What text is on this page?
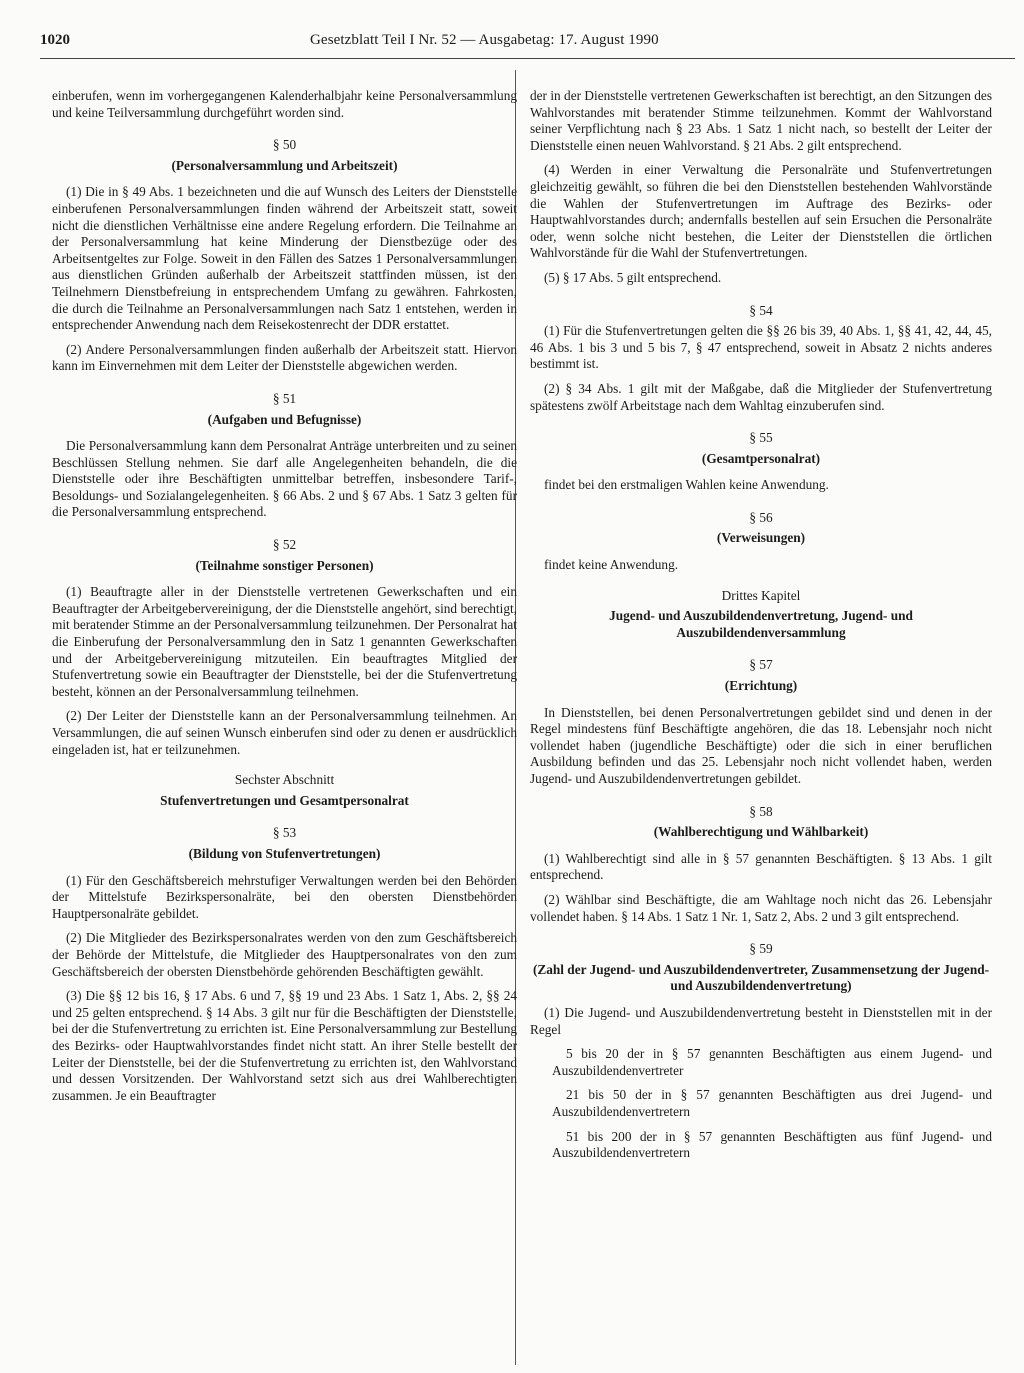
1020	Gesetzblatt Teil I Nr. 52 — Ausgabetag: 17. August 1990

einberufen, wenn im vorhergegangenen Kalenderhalbjahr keine Personalversammlung und keine Teilversammlung durchgeführt worden sind.

§ 50
(Personalversammlung und Arbeitszeit)

(1) Die in § 49 Abs. 1 bezeichneten und die auf Wunsch des Leiters der Dienststelle einberufenen Personalversammlungen finden während der Arbeitszeit statt, soweit nicht die dienstlichen Verhältnisse eine andere Regelung erfordern. Die Teilnahme an der Personalversammlung hat keine Minderung der Dienstbezüge oder des Arbeitsentgeltes zur Folge. Soweit in den Fällen des Satzes 1 Personalversammlungen aus dienstlichen Gründen außerhalb der Arbeitszeit stattfinden müssen, ist den Teilnehmern Dienstbefreiung in entsprechendem Umfang zu gewähren. Fahrkosten, die durch die Teilnahme an Personalversammlungen nach Satz 1 entstehen, werden in entsprechender Anwendung nach dem Reisekostenrecht der DDR erstattet.

(2) Andere Personalversammlungen finden außerhalb der Arbeitszeit statt. Hiervon kann im Einvernehmen mit dem Leiter der Dienststelle abgewichen werden.

§ 51
(Aufgaben und Befugnisse)

Die Personalversammlung kann dem Personalrat Anträge unterbreiten und zu seinen Beschlüssen Stellung nehmen. Sie darf alle Angelegenheiten behandeln, die die Dienststelle oder ihre Beschäftigten unmittelbar betreffen, insbesondere Tarif-, Besoldungs- und Sozialangelegenheiten. § 66 Abs. 2 und § 67 Abs. 1 Satz 3 gelten für die Personalversammlung entsprechend.

§ 52
(Teilnahme sonstiger Personen)

(1) Beauftragte aller in der Dienststelle vertretenen Gewerkschaften und ein Beauftragter der Arbeitgebervereinigung, der die Dienststelle angehört, sind berechtigt, mit beratender Stimme an der Personalversammlung teilzunehmen. Der Personalrat hat die Einberufung der Personalversammlung den in Satz 1 genannten Gewerkschaften und der Arbeitgebervereinigung mitzuteilen. Ein beauftragtes Mitglied der Stufenvertretung sowie ein Beauftragter der Dienststelle, bei der die Stufenvertretung besteht, können an der Personalversammlung teilnehmen.

(2) Der Leiter der Dienststelle kann an der Personalversammlung teilnehmen. An Versammlungen, die auf seinen Wunsch einberufen sind oder zu denen er ausdrücklich eingeladen ist, hat er teilzunehmen.

Sechster Abschnitt
Stufenvertretungen und Gesamtpersonalrat
§ 53
(Bildung von Stufenvertretungen)

(1) Für den Geschäftsbereich mehrstufiger Verwaltungen werden bei den Behörden der Mittelstufe Bezirkspersonalräte, bei den obersten Dienstbehörden Hauptpersonalräte gebildet.

(2) Die Mitglieder des Bezirkspersonalrates werden von den zum Geschäftsbereich der Behörde der Mittelstufe, die Mitglieder des Hauptpersonalrates von den zum Geschäftsbereich der obersten Dienstbehörde gehörenden Beschäftigten gewählt.

(3) Die §§ 12 bis 16, § 17 Abs. 6 und 7, §§ 19 und 23 Abs. 1 Satz 1, Abs. 2, §§ 24 und 25 gelten entsprechend. § 14 Abs. 3 gilt nur für die Beschäftigten der Dienststelle, bei der die Stufenvertretung zu errichten ist. Eine Personalversammlung zur Bestellung des Bezirks- oder Hauptwahlvorstandes findet nicht statt. An ihrer Stelle bestellt der Leiter der Dienststelle, bei der die Stufenvertretung zu errichten ist, den Wahlvorstand und dessen Vorsitzenden. Der Wahlvorstand setzt sich aus drei Wahlberechtigten zusammen. Je ein Beauftragter

der in der Dienststelle vertretenen Gewerkschaften ist berechtigt, an den Sitzungen des Wahlvorstandes mit beratender Stimme teilzunehmen. Kommt der Wahlvorstand seiner Verpflichtung nach § 23 Abs. 1 Satz 1 nicht nach, so bestellt der Leiter der Dienststelle einen neuen Wahlvorstand. § 21 Abs. 2 gilt entsprechend.

(4) Werden in einer Verwaltung die Personalräte und Stufenvertretungen gleichzeitig gewählt, so führen die bei den Dienststellen bestehenden Wahlvorstände die Wahlen der Stufenvertretungen im Auftrage des Bezirks- oder Hauptwahlvorstandes durch; andernfalls bestellen auf sein Ersuchen die Personalräte oder, wenn solche nicht bestehen, die Leiter der Dienststellen die örtlichen Wahlvorstände für die Wahl der Stufenvertretungen.

(5) § 17 Abs. 5 gilt entsprechend.

§ 54

(1) Für die Stufenvertretungen gelten die §§ 26 bis 39, 40 Abs. 1, §§ 41, 42, 44, 45, 46 Abs. 1 bis 3 und 5 bis 7, § 47 entsprechend, soweit in Absatz 2 nichts anderes bestimmt ist.

(2) § 34 Abs. 1 gilt mit der Maßgabe, daß die Mitglieder der Stufenvertretung spätestens zwölf Arbeitstage nach dem Wahltag einzuberufen sind.

§ 55
(Gesamtpersonalrat)

findet bei den erstmaligen Wahlen keine Anwendung.

§ 56
(Verweisungen)

findet keine Anwendung.

Drittes Kapitel
Jugend- und Auszubildendenvertretung, Jugend- und Auszubildendenversammlung
§ 57
(Errichtung)

In Dienststellen, bei denen Personalvertretungen gebildet sind und denen in der Regel mindestens fünf Beschäftigte angehören, die das 18. Lebensjahr noch nicht vollendet haben (jugendliche Beschäftigte) oder die sich in einer beruflichen Ausbildung befinden und das 25. Lebensjahr noch nicht vollendet haben, werden Jugend- und Auszubildendenvertretungen gebildet.

§ 58
(Wahlberechtigung und Wählbarkeit)

(1) Wahlberechtigt sind alle in § 57 genannten Beschäftigten. § 13 Abs. 1 gilt entsprechend.

(2) Wählbar sind Beschäftigte, die am Wahltage noch nicht das 26. Lebensjahr vollendet haben. § 14 Abs. 1 Satz 1 Nr. 1, Satz 2, Abs. 2 und 3 gilt entsprechend.

§ 59
(Zahl der Jugend- und Auszubildendenvertreter, Zusammensetzung der Jugend- und Auszubildendenvertretung)

(1) Die Jugend- und Auszubildendenvertretung besteht in Dienststellen mit in der Regel

5 bis 20 der in § 57 genannten Beschäftigten aus einem Jugend- und Auszubildendenvertreter

21 bis 50 der in § 57 genannten Beschäftigten aus drei Jugend- und Auszubildendenvertretern

51 bis 200 der in § 57 genannten Beschäftigten aus fünf Jugend- und Auszubildendenvertretern
